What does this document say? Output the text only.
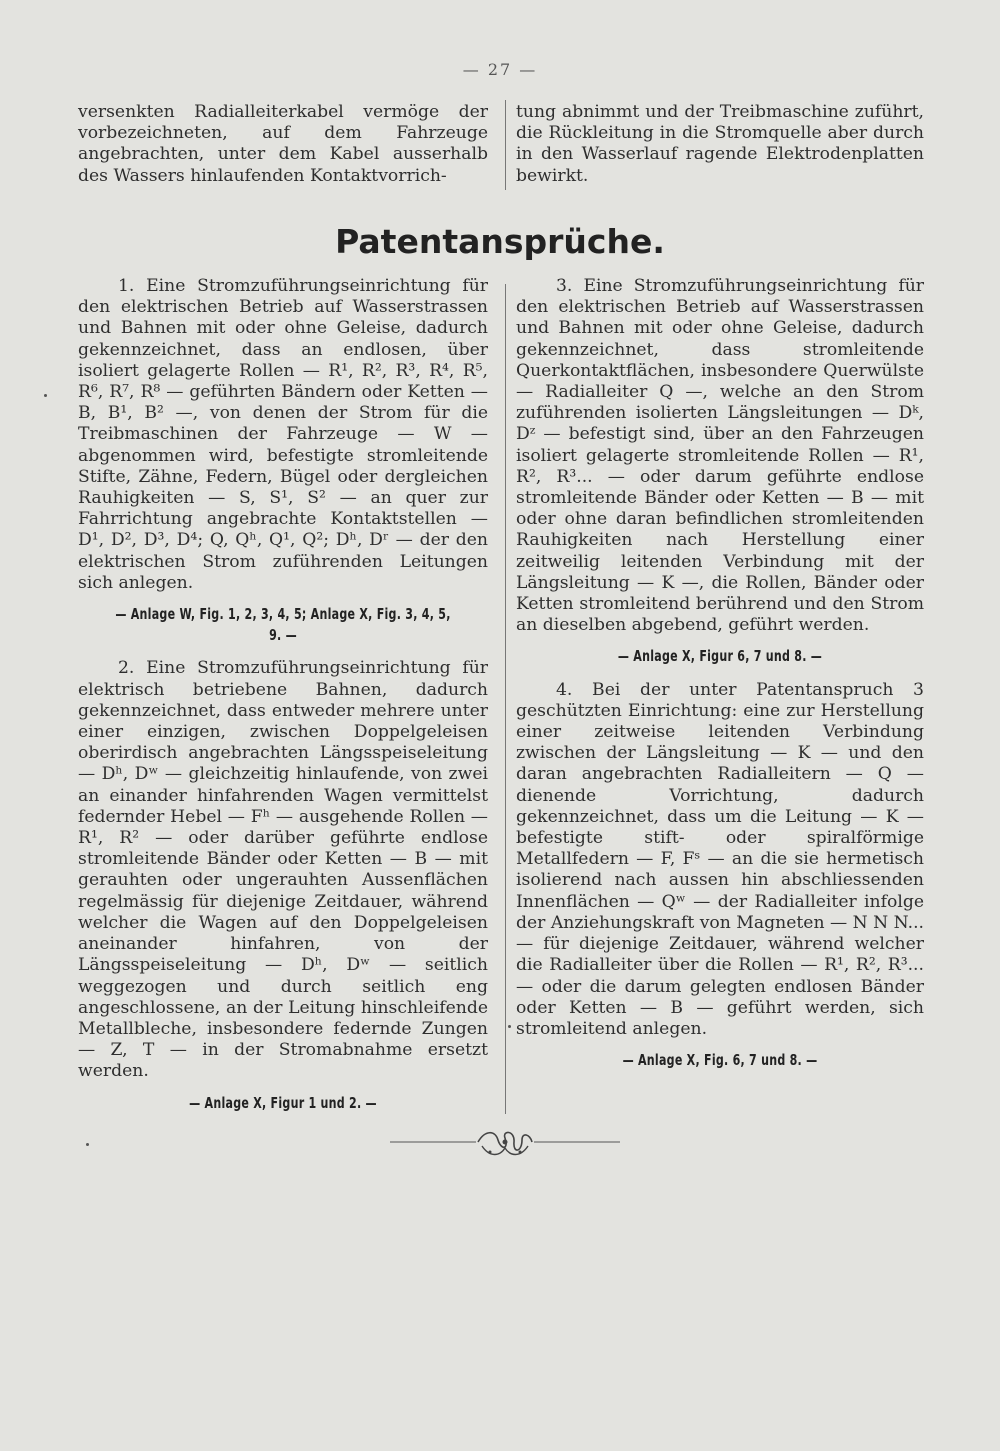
— 27 —

versenkten Radialleiterkabel vermöge der vorbezeichneten, auf dem Fahrzeuge angebrachten, unter dem Kabel ausserhalb des Wassers hinlaufenden Kontaktvorrich-

tung abnimmt und der Treibmaschine zuführt, die Rückleitung in die Stromquelle aber durch in den Wasserlauf ragende Elektrodenplatten bewirkt.

Patentansprüche.

1. Eine Stromzuführungseinrichtung für den elektrischen Betrieb auf Wasserstrassen und Bahnen mit oder ohne Geleise, dadurch gekennzeichnet, dass an endlosen, über isoliert gelagerte Rollen — R¹, R², R³, R⁴, R⁵, R⁶, R⁷, R⁸ — geführten Bändern oder Ketten — B, B¹, B² —, von denen der Strom für die Treibmaschinen der Fahrzeuge — W — abgenommen wird, befestigte stromleitende Stifte, Zähne, Federn, Bügel oder dergleichen Rauhigkeiten — S, S¹, S² — an quer zur Fahrrichtung angebrachte Kontaktstellen — D¹, D², D³, D⁴; Q, Qʰ, Q¹, Q²; Dʰ, Dʳ — der den elektrischen Strom zuführenden Leitungen sich anlegen.

— Anlage W, Fig. 1, 2, 3, 4, 5; Anlage X, Fig. 3, 4, 5, 9. —

2. Eine Stromzuführungseinrichtung für elektrisch betriebene Bahnen, dadurch gekennzeichnet, dass entweder mehrere unter einer einzigen, zwischen Doppelgeleisen oberirdisch angebrachten Längsspeiseleitung — Dʰ, Dʷ — gleichzeitig hinlaufende, von zwei an einander hinfahrenden Wagen vermittelst federnder Hebel — Fʰ — ausgehende Rollen — R¹, R² — oder darüber geführte endlose stromleitende Bänder oder Ketten — B — mit gerauhten oder ungerauhten Aussenflächen regelmässig für diejenige Zeitdauer, während welcher die Wagen auf den Doppelgeleisen aneinander hinfahren, von der Längsspeiseleitung — Dʰ, Dʷ — seitlich weggezogen und durch seitlich eng angeschlossene, an der Leitung hinschleifende Metallbleche, insbesondere federnde Zungen — Z, T — in der Stromabnahme ersetzt werden.

— Anlage X, Figur 1 und 2. —

3. Eine Stromzuführungseinrichtung für den elektrischen Betrieb auf Wasserstrassen und Bahnen mit oder ohne Geleise, dadurch gekennzeichnet, dass stromleitende Querkontaktflächen, insbesondere Querwülste — Radialleiter Q —, welche an den Strom zuführenden isolierten Längsleitungen — Dᵏ, Dᶻ — befestigt sind, über an den Fahrzeugen isoliert gelagerte stromleitende Rollen — R¹, R², R³... — oder darum geführte endlose stromleitende Bänder oder Ketten — B — mit oder ohne daran befindlichen stromleitenden Rauhigkeiten nach Herstellung einer zeitweilig leitenden Verbindung mit der Längsleitung — K —, die Rollen, Bänder oder Ketten stromleitend berührend und den Strom an dieselben abgebend, geführt werden.

— Anlage X, Figur 6, 7 und 8. —

4. Bei der unter Patentanspruch 3 geschützten Einrichtung: eine zur Herstellung einer zeitweise leitenden Verbindung zwischen der Längsleitung — K — und den daran angebrachten Radialleitern — Q — dienende Vorrichtung, dadurch gekennzeichnet, dass um die Leitung — K — befestigte stift- oder spiralförmige Metallfedern — F, Fˢ — an die sie hermetisch isolierend nach aussen hin abschliessenden Innenflächen — Qʷ — der Radialleiter infolge der Anziehungskraft von Magneten — N N N... — für diejenige Zeitdauer, während welcher die Radialleiter über die Rollen — R¹, R², R³... — oder die darum gelegten endlosen Bänder oder Ketten — B — geführt werden, sich stromleitend anlegen.

— Anlage X, Fig. 6, 7 und 8. —
